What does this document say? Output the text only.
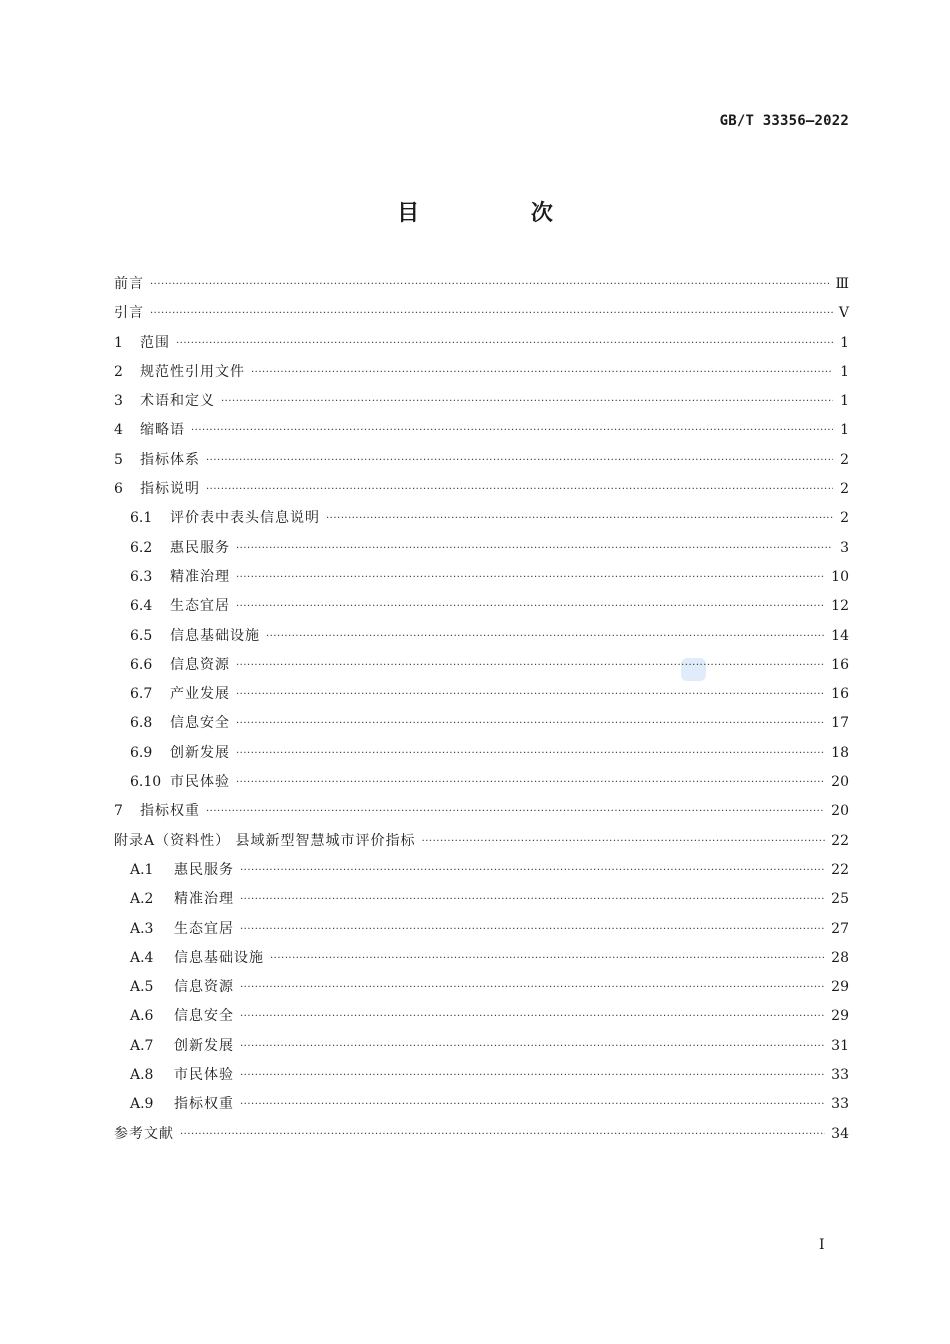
GB/T 33356—2022
目 次
前言 ·····	Ⅲ
引言 ·····	Ⅴ
1	范围 ·····	1
2	规范性引用文件 ·····	1
3	术语和定义 ·····	1
4	缩略语 ·····	1
5	指标体系 ·····	2
6	指标说明 ·····	2
6.1	评价表中表头信息说明 ·····	2
6.2	惠民服务 ·····	3
6.3	精准治理 ·····	10
6.4	生态宜居 ·····	12
6.5	信息基础设施 ·····	14
6.6	信息资源 ·····	16
6.7	产业发展 ·····	16
6.8	信息安全 ·····	17
6.9	创新发展 ·····	18
6.10 市民体验 ·····	20
7	指标权重 ·····	20
附录A（资料性） 县域新型智慧城市评价指标 ·····	22
A.1	惠民服务 ·····	22
A.2	精准治理 ·····	25
A.3	生态宜居 ·····	27
A.4	信息基础设施 ·····	28
A.5	信息资源 ·····	29
A.6	信息安全 ·····	29
A.7	创新发展 ·····	31
A.8	市民体验 ·····	33
A.9	指标权重 ·····	33
参考文献 ·····	34
Ⅰ
